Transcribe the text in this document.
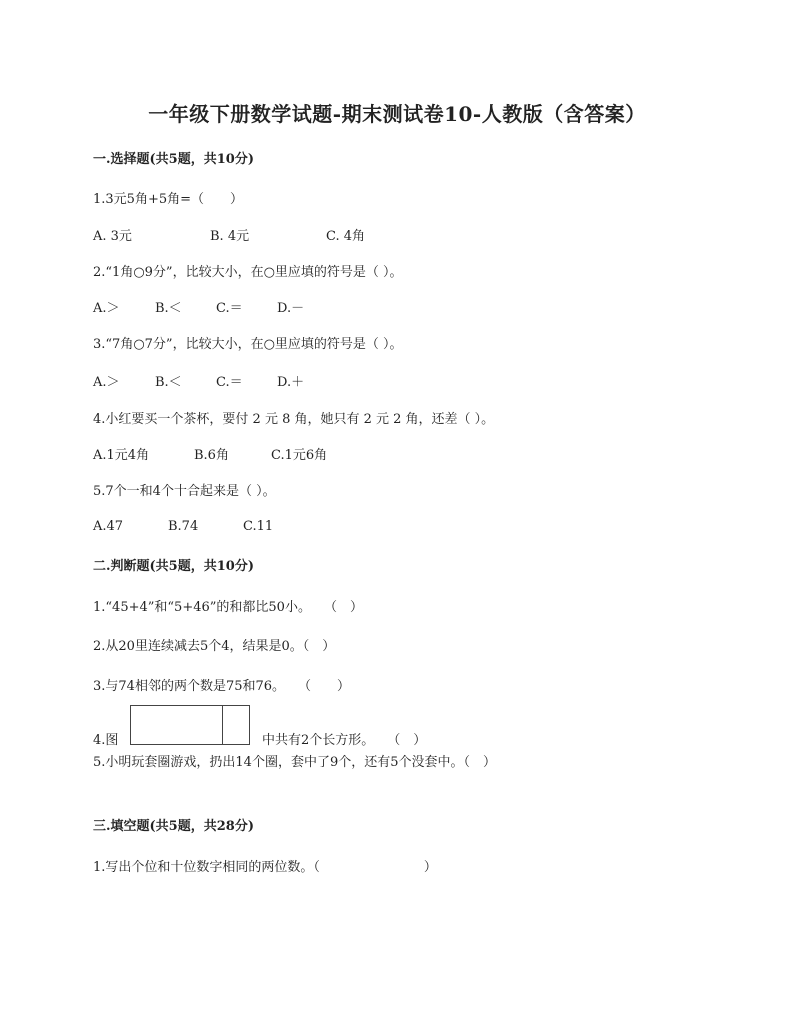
一年级下册数学试题-期末测试卷10-人教版（含答案）
一.选择题(共5题，共10分)
1.3元5角+5角=（　　）
A. 3元	B. 4元	C. 4角
2.“1角○9分”，比较大小，在○里应填的符号是（ ）。
A.＞	B.＜	C.＝	D.－
3.“7角○7分”，比较大小，在○里应填的符号是（ ）。
A.＞	B.＜	C.＝	D.＋
4.小红要买一个茶杯，要付 2 元 8 角，她只有 2 元 2 角，还差（ ）。
A.1元4角	B.6角	C.1元6角
5.7个一和4个十合起来是（ ）。
A.47	B.74	C.11
二.判断题(共5题，共10分)
1.“45+4”和“5+46”的和都比50小。　　（　）
2.从20里连续减去5个4，结果是0。（　）
3.与74相邻的两个数是75和76。　　（　　）
4.图	中共有2个长方形。　　（　）
5.小明玩套圈游戏，扔出14个圈，套中了9个，还有5个没套中。（　）
三.填空题(共5题，共28分)
1.写出个位和十位数字相同的两位数。（　　　　　　　　）
